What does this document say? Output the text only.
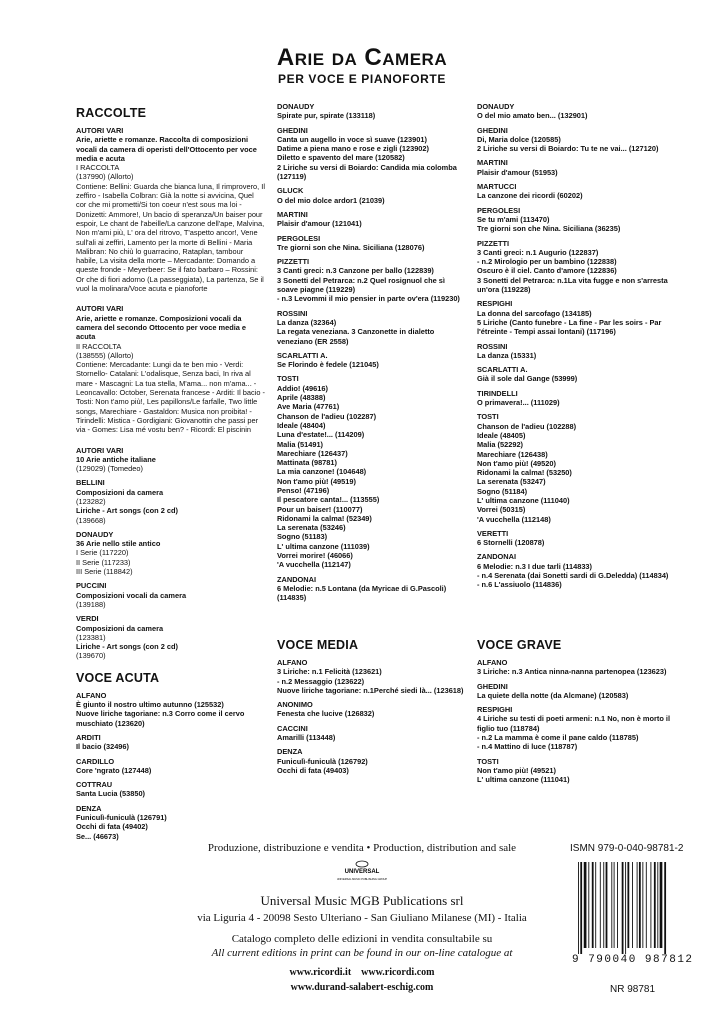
Arie da Camera
PER VOCE E PIANOFORTE
RACCOLTE
AUTORI VARI
Arie, ariette e romanze. Raccolta di composizioni vocali da camera di operisti dell'Ottocento per voce media e acuta
I RACCOLTA
(137990) (Allorto)
Contiene: Bellini: Guarda che bianca luna, Il rimprovero, Il zeffiro - Isabella Colbran: Già la notte si avvicina, Quel cor che mi prometti/Si ton coeur n'est sous ma loi - Donizetti: Ammore!, Un bacio di speranza/Un baiser pour espoir, Le chant de l'abeille/La canzone dell'ape, Malvina, Non m'ami più, L' ora del ritrovo, T'aspetto ancor!, Vene sull'ali ai zeffiri, Lamento per la morte di Bellini - Maria Malibran: No chiù lo guarracino, Rataplan, tambour habile, La visita della morte – Mercadante: Domando a queste fronde - Meyerbeer: Se il fato barbaro – Rossini: Or che di fiori adorno (La passeggiata), La partenza, Se il vuol la molinara/Voce acuta e pianoforte
AUTORI VARI
Arie, ariette e romanze. Composizioni vocali da camera del secondo Ottocento per voce media e acuta
II RACCOLTA
(138555) (Allorto)
Contiene: Mercadante: Lungi da te ben mio - Verdi: Stornello- Catalani: L'odalisque, Senza baci, In riva al mare - Mascagni: La tua stella, M'ama... non m'ama... - Leoncavallo: October, Serenata francese - Arditi: Il bacio - Tosti: Non t'amo più!, Les papillons/Le farfalle, Two little songs, Marechiare - Gastaldon: Musica non proibita! - Tirindelli: Mistica - Gordigiani: Giovanottin che passi per via - Gomes: Lisa mé vostu ben? - Ricordi: El piscinin
AUTORI VARI
10 Arie antiche italiane
(129029) (Tomedeo)
BELLINI
Composizioni da camera
(123282)
Liriche - Art songs (con 2 cd)
(139668)
DONAUDY
36 Arie nello stile antico
I Serie (117220)
II Serie (117233)
III Serie (118842)
PUCCINI
Composizioni vocali da camera
(139188)
VERDI
Composizioni da camera
(123381)
Liriche - Art songs (con 2 cd)
(139670)
VOCE ACUTA
ALFANO
È giunto il nostro ultimo autunno (125532)
Nuove liriche tagoriane: n.3 Corro come il cervo muschiato (123620)
ARDITI
Il bacio (32496)
CARDILLO
Core 'ngrato (127448)
COTTRAU
Santa Lucia (53850)
DENZA
Funiculì-funiculà (126791)
Occhi di fata (49402)
Se... (46673)
DONAUDY
Spirate pur, spirate (133118)
GHEDINI
Canta un augello in voce sì suave (123901)
Datime a piena mano e rose e zigli (123902)
Diletto e spavento del mare (120582)
2 Liriche su versi di Boiardo: Candida mia colomba (127119)
GLUCK
O del mio dolce ardor1 (21039)
MARTINI
Plaisir d'amour (121041)
PERGOLESI
Tre giorni son che Nina. Siciliana (128076)
PIZZETTI
3 Canti greci: n.3 Canzone per ballo (122839)
3 Sonetti del Petrarca: n.2 Quel rosignuol che sì soave piagne (119229)
- n.3 Levommi il mio pensier in parte ov'era (119230)
ROSSINI
La danza (32364)
La regata veneziana. 3 Canzonette in dialetto veneziano (ER 2558)
SCARLATTI A.
Se Florindo è fedele (121045)
TOSTI
Addio! (49616)
Aprile (48388)
Ave Maria (47761)
Chanson de l'adieu (102287)
Ideale (48404)
Luna d'estate!... (114209)
Malia (51491)
Marechiare (126437)
Mattinata (98781)
La mia canzone! (104648)
Non t'amo più! (49519)
Penso! (47196)
Il pescatore canta!... (113555)
Pour un baiser! (110077)
Ridonami la calma! (52349)
La serenata (53246)
Sogno (51183)
L' ultima canzone (111039)
Vorrei morire! (46066)
'A vucchella (112147)
ZANDONAI
6 Melodie: n.5 Lontana (da Myricae di G.Pascoli) (114835)
DONAUDY
O del mio amato ben... (132901)
GHEDINI
Di, Maria dolce (120585)
2 Liriche su versi di Boiardo: Tu te ne vai... (127120)
MARTINI
Plaisir d'amour (51953)
MARTUCCI
La canzone dei ricordi (60202)
PERGOLESI
Se tu m'ami (113470)
Tre giorni son che Nina. Siciliana (36235)
PIZZETTI
3 Canti greci: n.1 Augurio (122837)
- n.2 Mirologio per un bambino (122838)
Oscuro è il ciel. Canto d'amore (122836)
3 Sonetti del Petrarca: n.1La vita fugge e non s'arresta un'ora (119228)
RESPIGHI
La donna del sarcofago (134185)
5 Liriche (Canto funebre - La fine - Par les soirs - Par l'étreinte - Tempi assai lontani) (117196)
ROSSINI
La danza (15331)
SCARLATTI A.
Già il sole dal Gange (53999)
TIRINDELLI
O primavera!... (111029)
TOSTI
Chanson de l'adieu (102288)
Ideale (48405)
Malia (52292)
Marechiare (126438)
Non t'amo più! (49520)
Ridonami la calma! (53250)
La serenata (53247)
Sogno (51184)
L' ultima canzone (111040)
Vorrei (50315)
'A vucchella (112148)
VERETTI
6 Stornelli (120878)
ZANDONAI
6 Melodie: n.3 I due tarli (114833)
- n.4 Serenata (dai Sonetti sardi di G.Deledda) (114834)
- n.6 L'assiuolo (114836)
VOCE MEDIA
ALFANO
3 Liriche: n.1 Felicità (123621)
- n.2 Messaggio (123622)
Nuove liriche tagoriane: n.1Perché siedi là... (123618)
ANONIMO
Fenesta che lucive (126832)
CACCINI
Amarilli (113448)
DENZA
Funiculì-funiculà (126792)
Occhi di fata (49403)
VOCE GRAVE
ALFANO
3 Liriche: n.3 Antica ninna-nanna partenopea (123623)
GHEDINI
La quiete della notte (da Alcmane) (120583)
RESPIGHI
4 Liriche su testi di poeti armeni: n.1 No, non è morto il figlio tuo (118784)
- n.2 La mamma è come il pane caldo (118785)
- n.4 Mattino di luce (118787)
TOSTI
Non t'amo più! (49521)
L' ultima canzone (111041)
Produzione, distribuzione e vendita • Production, distribution and sale
UNIVERSAL
UNIVERSAL MUSIC PUBLISHING GROUP
Universal Music MGB Publications srl
via Liguria 4 - 20098 Sesto Ulteriano - San Giuliano Milanese (MI) - Italia
Catalogo completo delle edizioni in vendita consultabile su
All current editions in print can be found in our on-line catalogue at
www.ricordi.it    www.ricordi.com
www.durand-salabert-eschig.com
ISMN 979-0-040-98781-2
9 790040 987812
NR 98781
